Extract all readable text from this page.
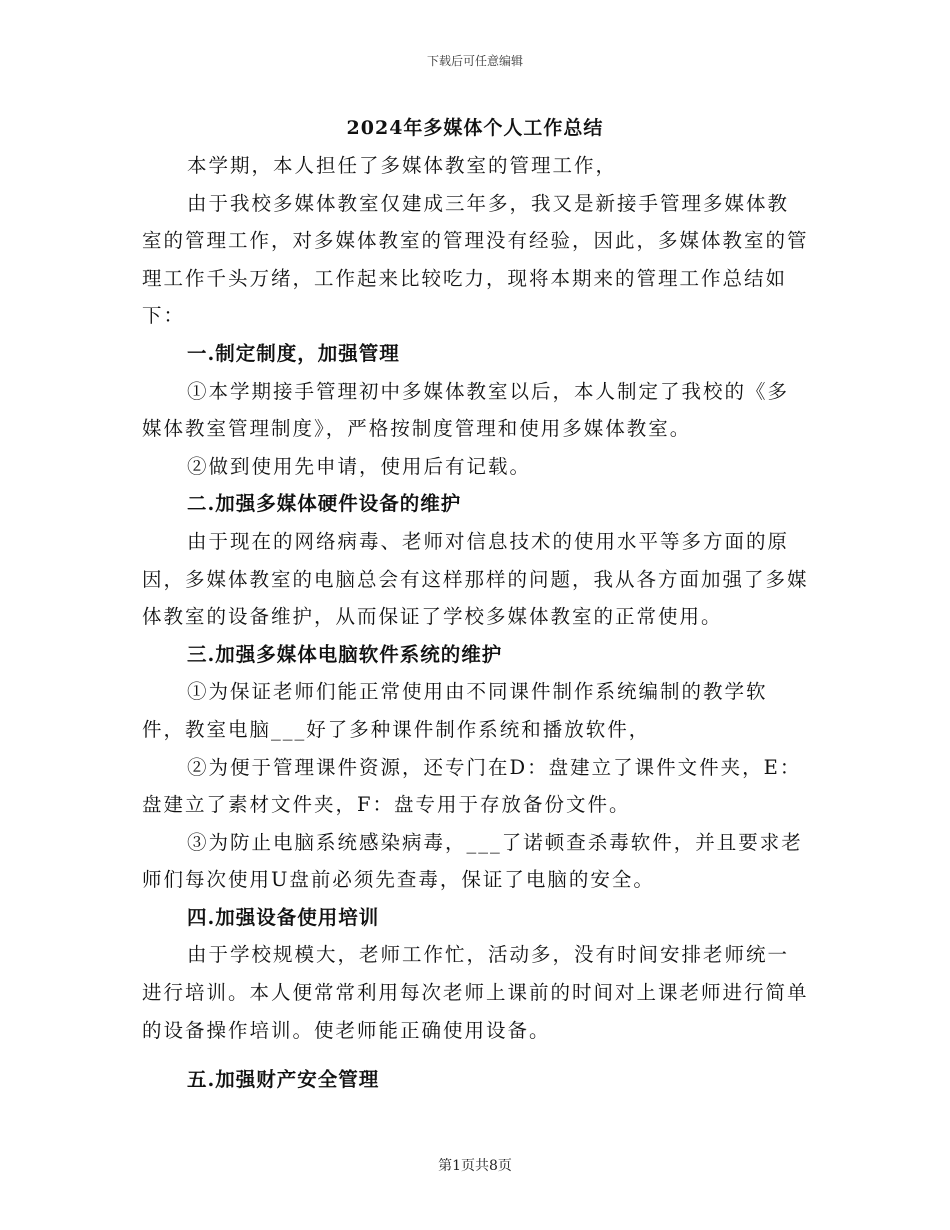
下载后可任意编辑
2024年多媒体个人工作总结

本学期，本人担任了多媒体教室的管理工作，

由于我校多媒体教室仅建成三年多，我又是新接手管理多媒体教室的管理工作，对多媒体教室的管理没有经验，因此，多媒体教室的管理工作千头万绪，工作起来比较吃力，现将本期来的管理工作总结如下：

一.制定制度，加强管理

①本学期接手管理初中多媒体教室以后，本人制定了我校的《多媒体教室管理制度》，严格按制度管理和使用多媒体教室。

②做到使用先申请，使用后有记载。

二.加强多媒体硬件设备的维护

由于现在的网络病毒、老师对信息技术的使用水平等多方面的原因，多媒体教室的电脑总会有这样那样的问题，我从各方面加强了多媒体教室的设备维护，从而保证了学校多媒体教室的正常使用。

三.加强多媒体电脑软件系统的维护

①为保证老师们能正常使用由不同课件制作系统编制的教学软件，教室电脑___好了多种课件制作系统和播放软件，

②为便于管理课件资源，还专门在D：盘建立了课件文件夹，E：盘建立了素材文件夹，F：盘专用于存放备份文件。

③为防止电脑系统感染病毒，___了诺顿查杀毒软件，并且要求老师们每次使用U盘前必须先查毒，保证了电脑的安全。

四.加强设备使用培训

由于学校规模大，老师工作忙，活动多，没有时间安排老师统一进行培训。本人便常常利用每次老师上课前的时间对上课老师进行简单的设备操作培训。使老师能正确使用设备。

五.加强财产安全管理

第1页共8页
